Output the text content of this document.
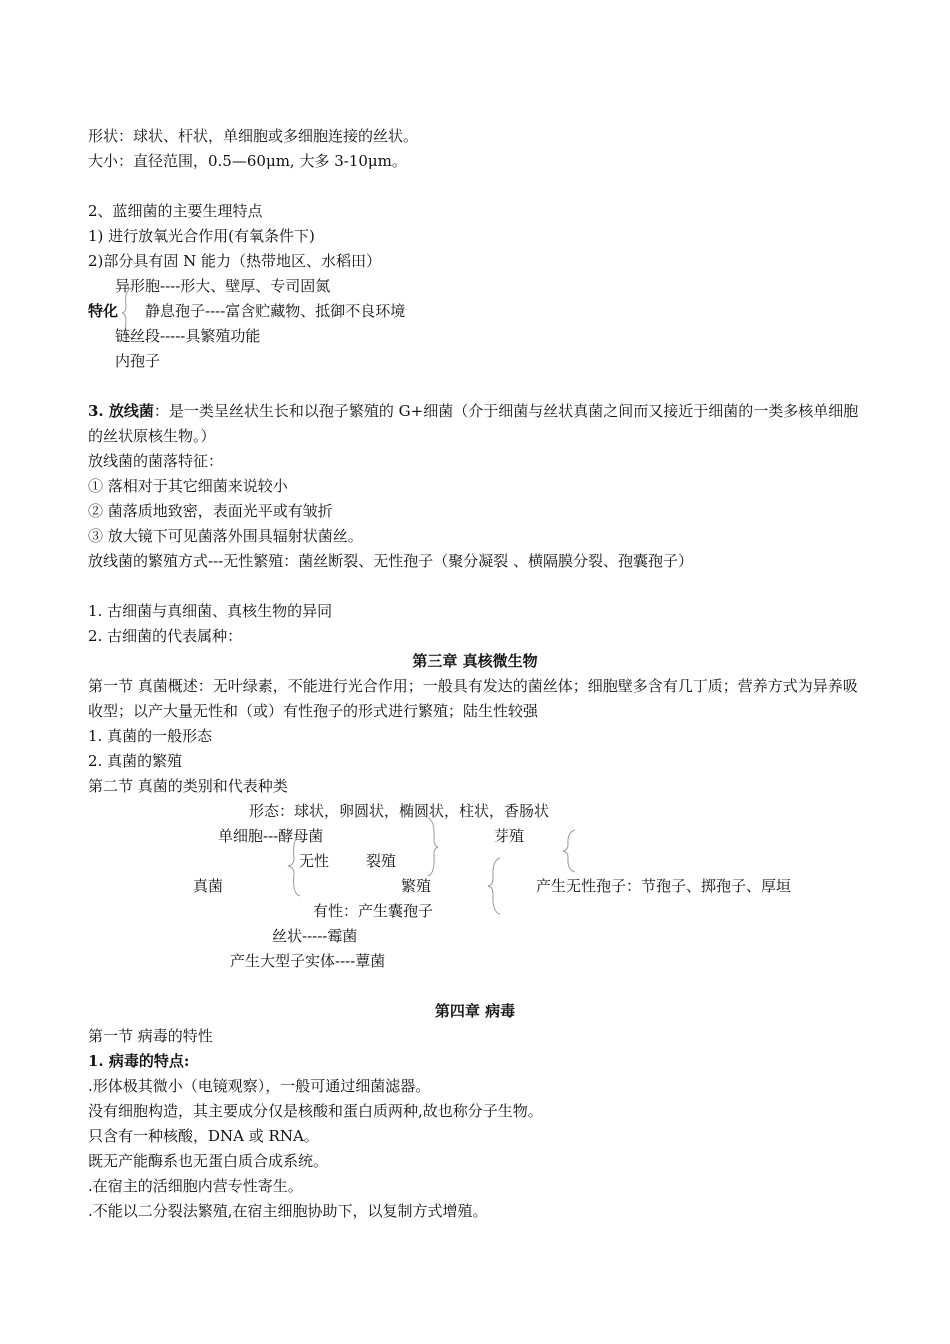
形状：球状、杆状，单细胞或多细胞连接的丝状。
大小：直径范围，0.5—60μm, 大多 3-10μm。
2、蓝细菌的主要生理特点
1) 进行放氧光合作用(有氧条件下)
2)部分具有固 N 能力（热带地区、水稻田）
异形胞----形大、壁厚、专司固氮
特化 静息孢子----富含贮藏物、抵御不良环境
链丝段-----具繁殖功能
内孢子
3. 放线菌：是一类呈丝状生长和以孢子繁殖的 G+细菌（介于细菌与丝状真菌之间而又接近于细菌的一类多核单细胞的丝状原核生物。）
放线菌的菌落特征：
① 落相对于其它细菌来说较小
② 菌落质地致密，表面光平或有皱折
③ 放大镜下可见菌落外围具辐射状菌丝。
放线菌的繁殖方式---无性繁殖：菌丝断裂、无性孢子（聚分凝裂 、横隔膜分裂、孢囊孢子）
1. 古细菌与真细菌、真核生物的异同
2. 古细菌的代表属种：
第三章 真核微生物
第一节 真菌概述：无叶绿素，不能进行光合作用；一般具有发达的菌丝体；细胞壁多含有几丁质；营养方式为异养吸收型；以产大量无性和（或）有性孢子的形式进行繁殖；陆生性较强
1. 真菌的一般形态
2. 真菌的繁殖
第二节 真菌的类别和代表种类
形态：球状，卵圆状，椭圆状，柱状，香肠状
单细胞---酵母菌	芽殖
无性 裂殖
真菌	繁殖	产生无性孢子：节孢子、掷孢子、厚垣
有性：产生囊孢子
丝状-----霉菌
产生大型子实体----蕈菌
第四章 病毒
第一节 病毒的特性
1. 病毒的特点:
.形体极其微小（电镜观察），一般可通过细菌滤器。
没有细胞构造，其主要成分仅是核酸和蛋白质两种,故也称分子生物。
只含有一种核酸，DNA 或 RNA。
既无产能酶系也无蛋白质合成系统。
.在宿主的活细胞内营专性寄生。
.不能以二分裂法繁殖,在宿主细胞协助下，以复制方式增殖。
